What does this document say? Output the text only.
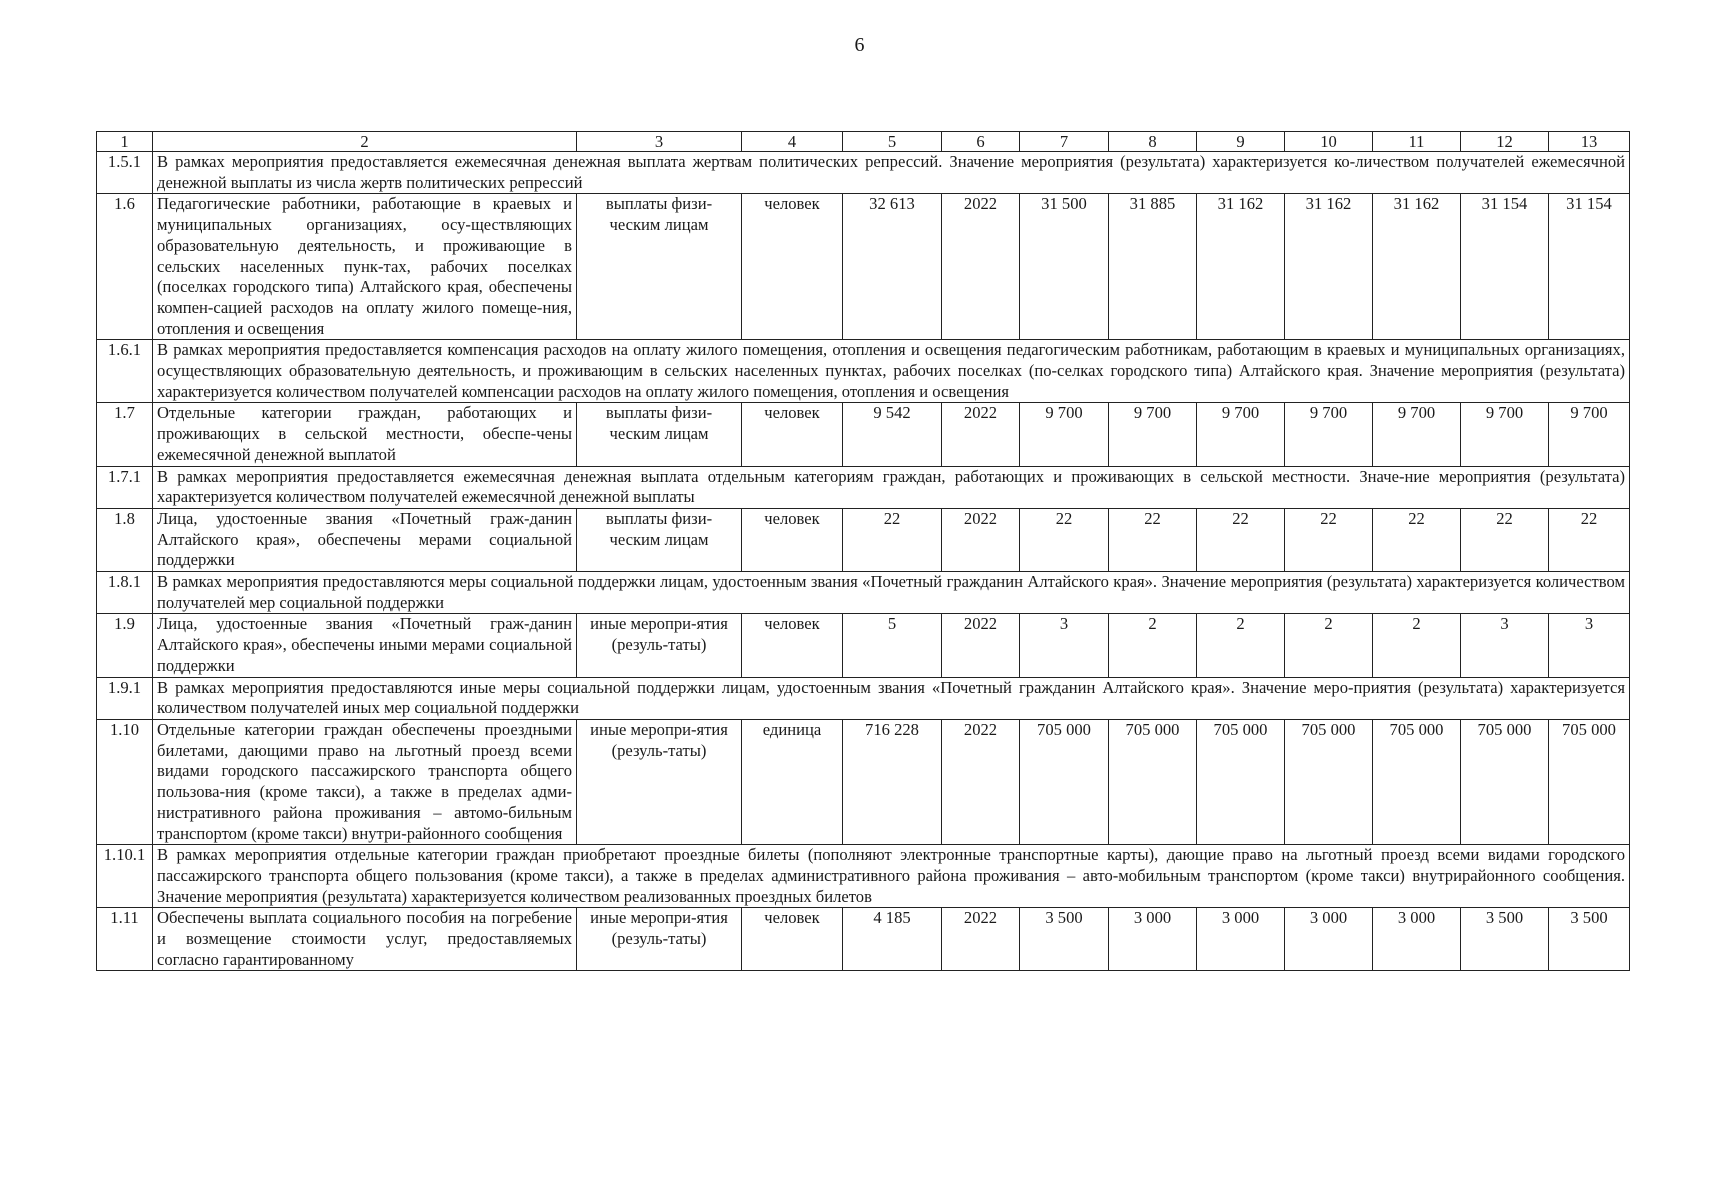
6
1	2	3	4	5	6	7	8	9	10	11	12	13
1.5.1	В рамках мероприятия предоставляется ежемесячная денежная выплата жертвам политических репрессий. Значение мероприятия (результата) характеризуется ко-личеством получателей ежемесячной денежной выплаты из числа жертв политических репрессий											
1.6	Педагогические работники, работающие в краевых и муниципальных организациях, осу-ществляющих образовательную деятельность, и проживающие в сельских населенных пунк-тах, рабочих поселках (поселках городского типа) Алтайского края, обеспечены компен-сацией расходов на оплату жилого помеще-ния, отопления и освещения	выплаты физи-ческим лицам	человек	32 613	2022	31 500	31 885	31 162	31 162	31 162	31 154	31 154
1.6.1	В рамках мероприятия предоставляется компенсация расходов на оплату жилого помещения, отопления и освещения педагогическим работникам, работающим в краевых и муниципальных организациях, осуществляющих образовательную деятельность, и проживающим в сельских населенных пунктах, рабочих поселках (по-селках городского типа) Алтайского края. Значение мероприятия (результата) характеризуется количеством получателей компенсации расходов на оплату жилого помещения, отопления и освещения											
1.7	Отдельные категории граждан, работающих и проживающих в сельской местности, обеспе-чены ежемесячной денежной выплатой	выплаты физи-ческим лицам	человек	9 542	2022	9 700	9 700	9 700	9 700	9 700	9 700	9 700
1.7.1	В рамках мероприятия предоставляется ежемесячная денежная выплата отдельным категориям граждан, работающих и проживающих в сельской местности. Значе-ние мероприятия (результата) характеризуется количеством получателей ежемесячной денежной выплаты											
1.8	Лица, удостоенные звания «Почетный граж-данин Алтайского края», обеспечены мерами социальной поддержки	выплаты физи-ческим лицам	человек	22	2022	22	22	22	22	22	22	22
1.8.1	В рамках мероприятия предоставляются меры социальной поддержки лицам, удостоенным звания «Почетный гражданин Алтайского края». Значение мероприятия (результата) характеризуется количеством получателей мер социальной поддержки											
1.9	Лица, удостоенные звания «Почетный граж-данин Алтайского края», обеспечены иными мерами социальной поддержки	иные меропри-ятия (резуль-таты)	человек	5	2022	3	2	2	2	2	3	3
1.9.1	В рамках мероприятия предоставляются иные меры социальной поддержки лицам, удостоенным звания «Почетный гражданин Алтайского края». Значение меро-приятия (результата) характеризуется количеством получателей иных мер социальной поддержки											
1.10	Отдельные категории граждан обеспечены проездными билетами, дающими право на льготный проезд всеми видами городского пассажирского транспорта общего пользова-ния (кроме такси), а также в пределах адми-нистративного района проживания – автомо-бильным транспортом (кроме такси) внутри-районного сообщения	иные меропри-ятия (резуль-таты)	единица	716 228	2022	705 000	705 000	705 000	705 000	705 000	705 000	705 000
1.10.1	В рамках мероприятия отдельные категории граждан приобретают проездные билеты (пополняют электронные транспортные карты), дающие право на льготный проезд всеми видами городского пассажирского транспорта общего пользования (кроме такси), а также в пределах административного района проживания – авто-мобильным транспортом (кроме такси) внутрирайонного сообщения. Значение мероприятия (результата) характеризуется количеством реализованных проездных билетов											
1.11	Обеспечены выплата социального пособия на погребение и возмещение стоимости услуг, предоставляемых согласно гарантированному	иные меропри-ятия (резуль-таты)	человек	4 185	2022	3 500	3 000	3 000	3 000	3 000	3 500	3 500
